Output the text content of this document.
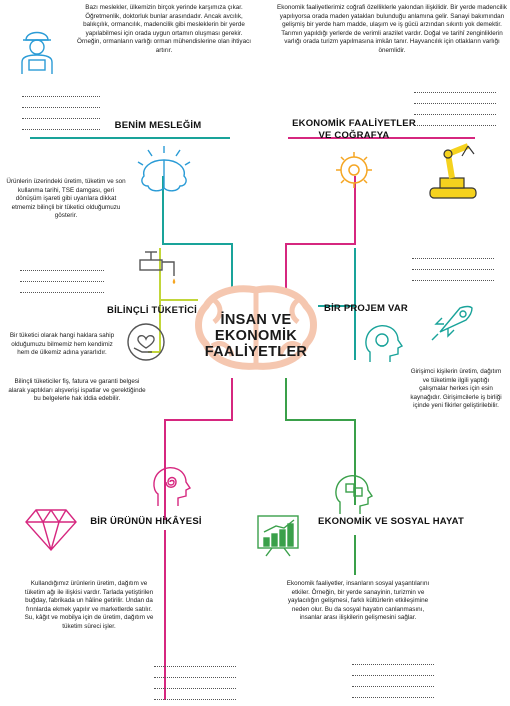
İNSAN VE
EKONOMİK
FAALİYETLER
Bazı meslekler, ülkemizin birçok yerinde karşımıza çıkar. Öğretmenlik, doktorluk bunlar arasındadır. Ancak avcılık, balıkçılık, ormancılık, madencilik gibi mesleklerin bir yerde yapılabilmesi için orada uygun ortamın oluşması gerekir. Örneğin, ormanların varlığı orman mühendislerine olan ihtiyacı artırır.
BENİM MESLEĞİM
Ekonomik faaliyetlerimiz coğrafi özelliklerle yakından ilişkilidir. Bir yerde madencilik yapılıyorsa orada maden yatakları bulunduğu anlamına gelir. Sanayi bakımından gelişmiş bir yerde ham madde, ulaşım ve iş gücü arzından sıkıntı yok demektir. Tarımın yapıldığı yerlerde de verimli arazilet vardır. Doğal ve tarihî zenginliklerin varlığı orada turizm yapılmasına imkân tanır. Hayvancılık için otlakların varlığı önemlidir.
EKONOMİK FAALİYETLER
VE COĞRAFYA
Ürünlerin üzerindeki üretim, tüketim ve son kullanma tarihi, TSE damgası, geri dönüşüm işareti gibi uyarılara dikkat etmemiz bilinçli bir tüketici olduğumuzu gösterir.
BİLİNÇLİ TÜKETİCİ
Bir tüketici olarak hangi haklara sahip olduğumuzu bilmemiz hem kendimiz hem de ülkemiz adına yararlıdır.
Bilinçli tüketiciler fiş, fatura ve garanti belgesi alarak yaptıkları alışverişi ispatlar ve gerektiğinde bu belgelerle hak iddia edebilir.
BİR PROJEM VAR
Girişimci kişilerin üretim, dağıtım ve tüketimle ilgili yaptığı çalışmalar herkes için esin kaynağıdır. Girişimcilerle iş birliği içinde yeni fikirler geliştirilebilir.
BİR ÜRÜNÜN HİKÂYESİ
Kullandığımız ürünlerin üretim, dağıtım ve tüketim ağı ile ilişkisi vardır. Tarlada yetiştirilen buğday, fabrikada un hâline getirilir. Undan da fırınlarda ekmek yapılır ve marketlerde satılır. Su, kâğıt ve mobilya için de üretim, dağıtım ve tüketim süreci işler.
EKONOMİK VE SOSYAL HAYAT
Ekonomik faaliyetler, insanların sosyal yaşantılarını etkiler. Örneğin, bir yerde sanayinin, turizmin ve yaylacılığın gelişmesi, farklı kültürlerin etkileşimine neden olur. Bu da sosyal hayatın canlanmasını, insanlar arası ilişkilerin gelişmesini sağlar.
